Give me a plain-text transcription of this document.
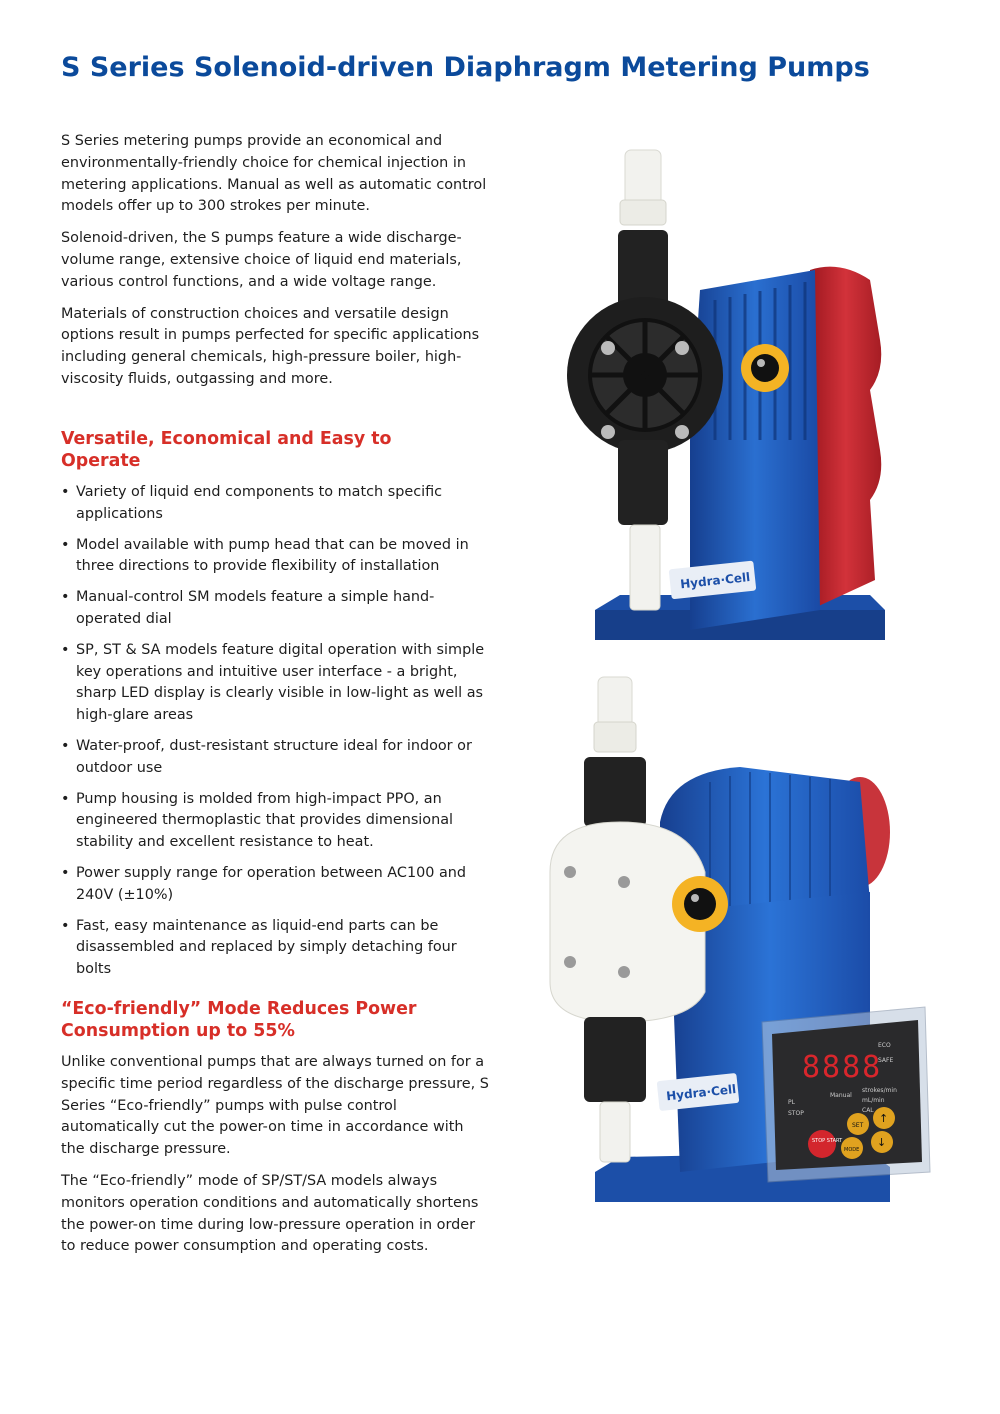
S Series Solenoid-driven Diaphragm Metering Pumps

S Series metering pumps provide an economical and environmentally-friendly choice for chemical injection in metering applications. Manual as well as automatic control models offer up to 300 strokes per minute.

Solenoid-driven, the S pumps feature a wide discharge-volume range, extensive choice of liquid end materials, various control functions, and a wide voltage range.

Materials of construction choices and versatile design options result in pumps perfected for specific applications including general chemicals, high-pressure boiler, high-viscosity fluids, outgassing and more.

Versatile, Economical and Easy to Operate
• Variety of liquid end components to match specific applications
• Model available with pump head that can be moved in three directions to provide flexibility of installation
• Manual-control SM models feature a simple hand-operated dial
• SP, ST & SA models feature digital operation with simple key operations and intuitive user interface - a bright, sharp LED display is clearly visible in low-light as well as high-glare areas
• Water-proof, dust-resistant structure ideal for indoor or outdoor use
• Pump housing is molded from high-impact PPO, an engineered thermoplastic that provides dimensional stability and excellent resistance to heat.
• Power supply range for operation between AC100 and 240V (±10%)
• Fast, easy maintenance as liquid-end parts can be disassembled and replaced by simply detaching four bolts
“Eco-friendly” Mode Reduces Power Consumption up to 55%

Unlike conventional pumps that are always turned on for a specific time period regardless of the discharge pressure, S Series “Eco-friendly” pumps with pulse control automatically cut the power-on time in accordance with the discharge pressure.

The “Eco-friendly” mode of SP/ST/SA models always monitors operation conditions and automatically shortens the power-on time during low-pressure operation in order to reduce power consumption and operating costs.

Hydra·Cell
Hydra·Cell
8888
ECO
SAFE
PL
STOP
Manual
strokes/min
mL/min
CAL
STOP START
MODE
SET
↑
↓
